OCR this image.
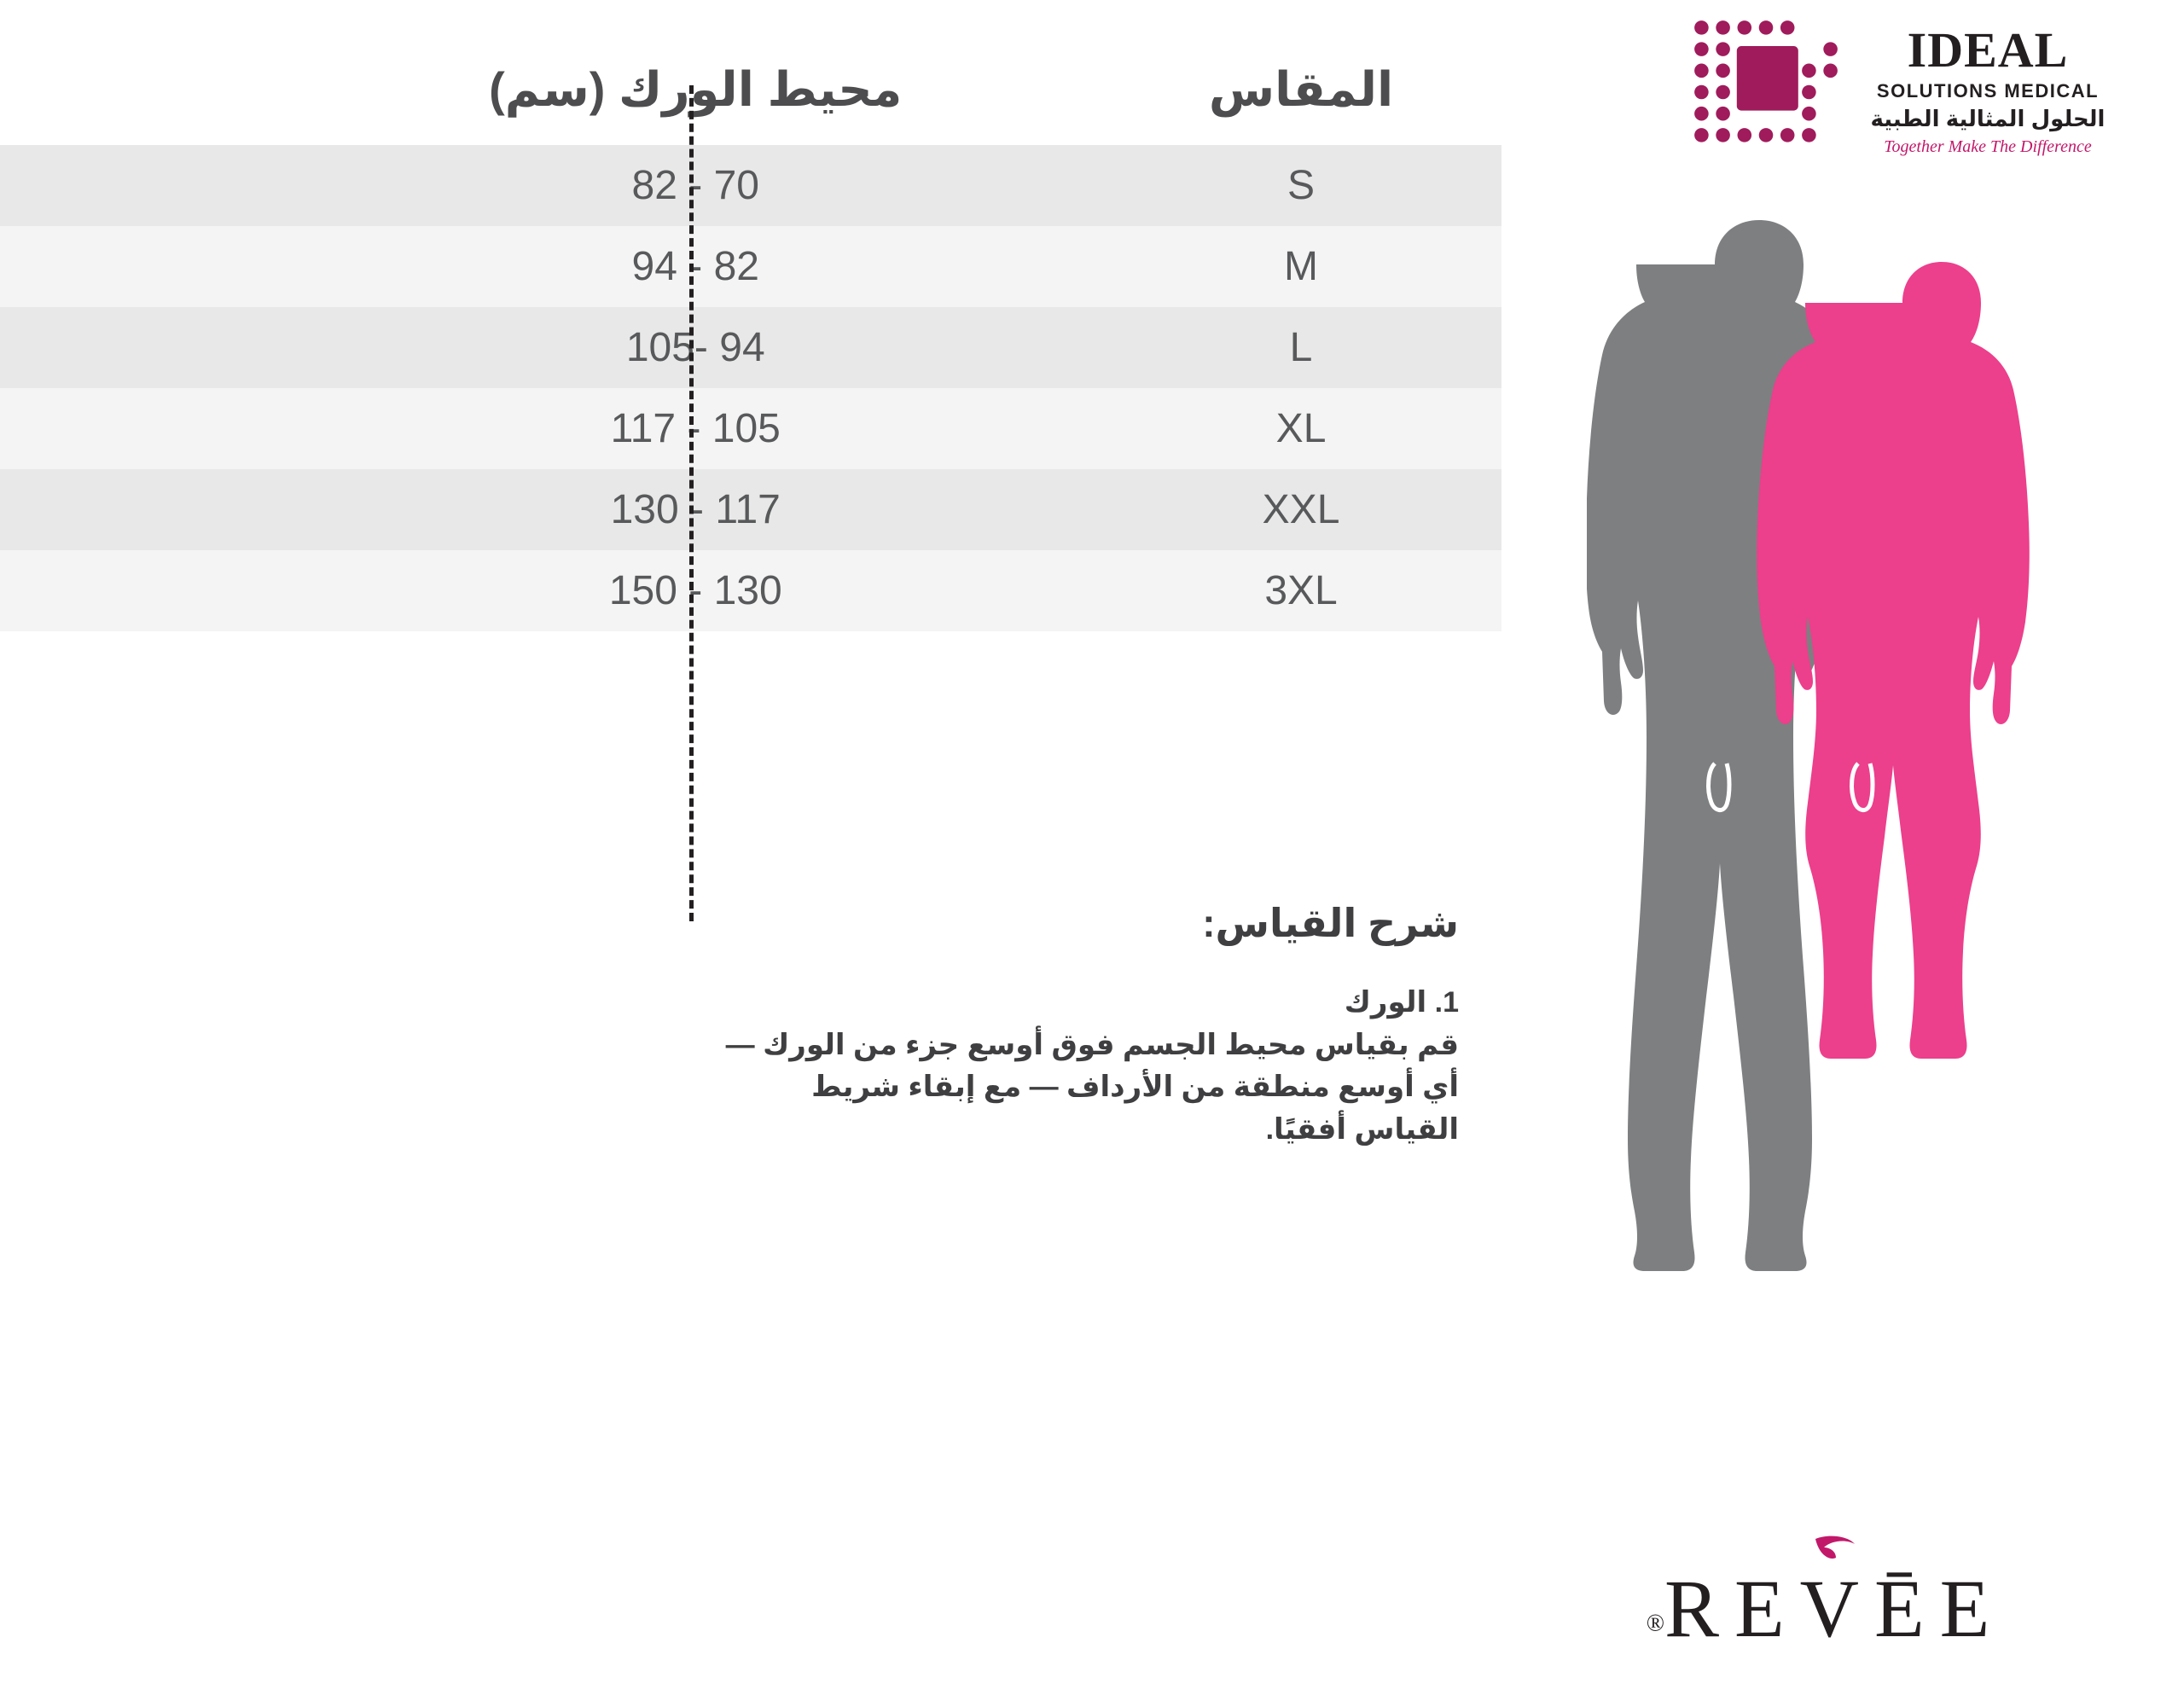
المقاس
محيط الورك (سم)
S
70 - 82
M
82 - 94
L
94 -105
XL
105 - 117
XXL
117 - 130
3XL
130 - 150
شرح القياس:

1. الورك

قم بقياس محيط الجسم فوق أوسع جزء من الورك — أي أوسع منطقة من الأرداف — مع إبقاء شريط القياس أفقيًا.

IDEAL
SOLUTIONS MEDICAL
الحلول المثالية الطبية
Together Make The Difference
REVĒE®
